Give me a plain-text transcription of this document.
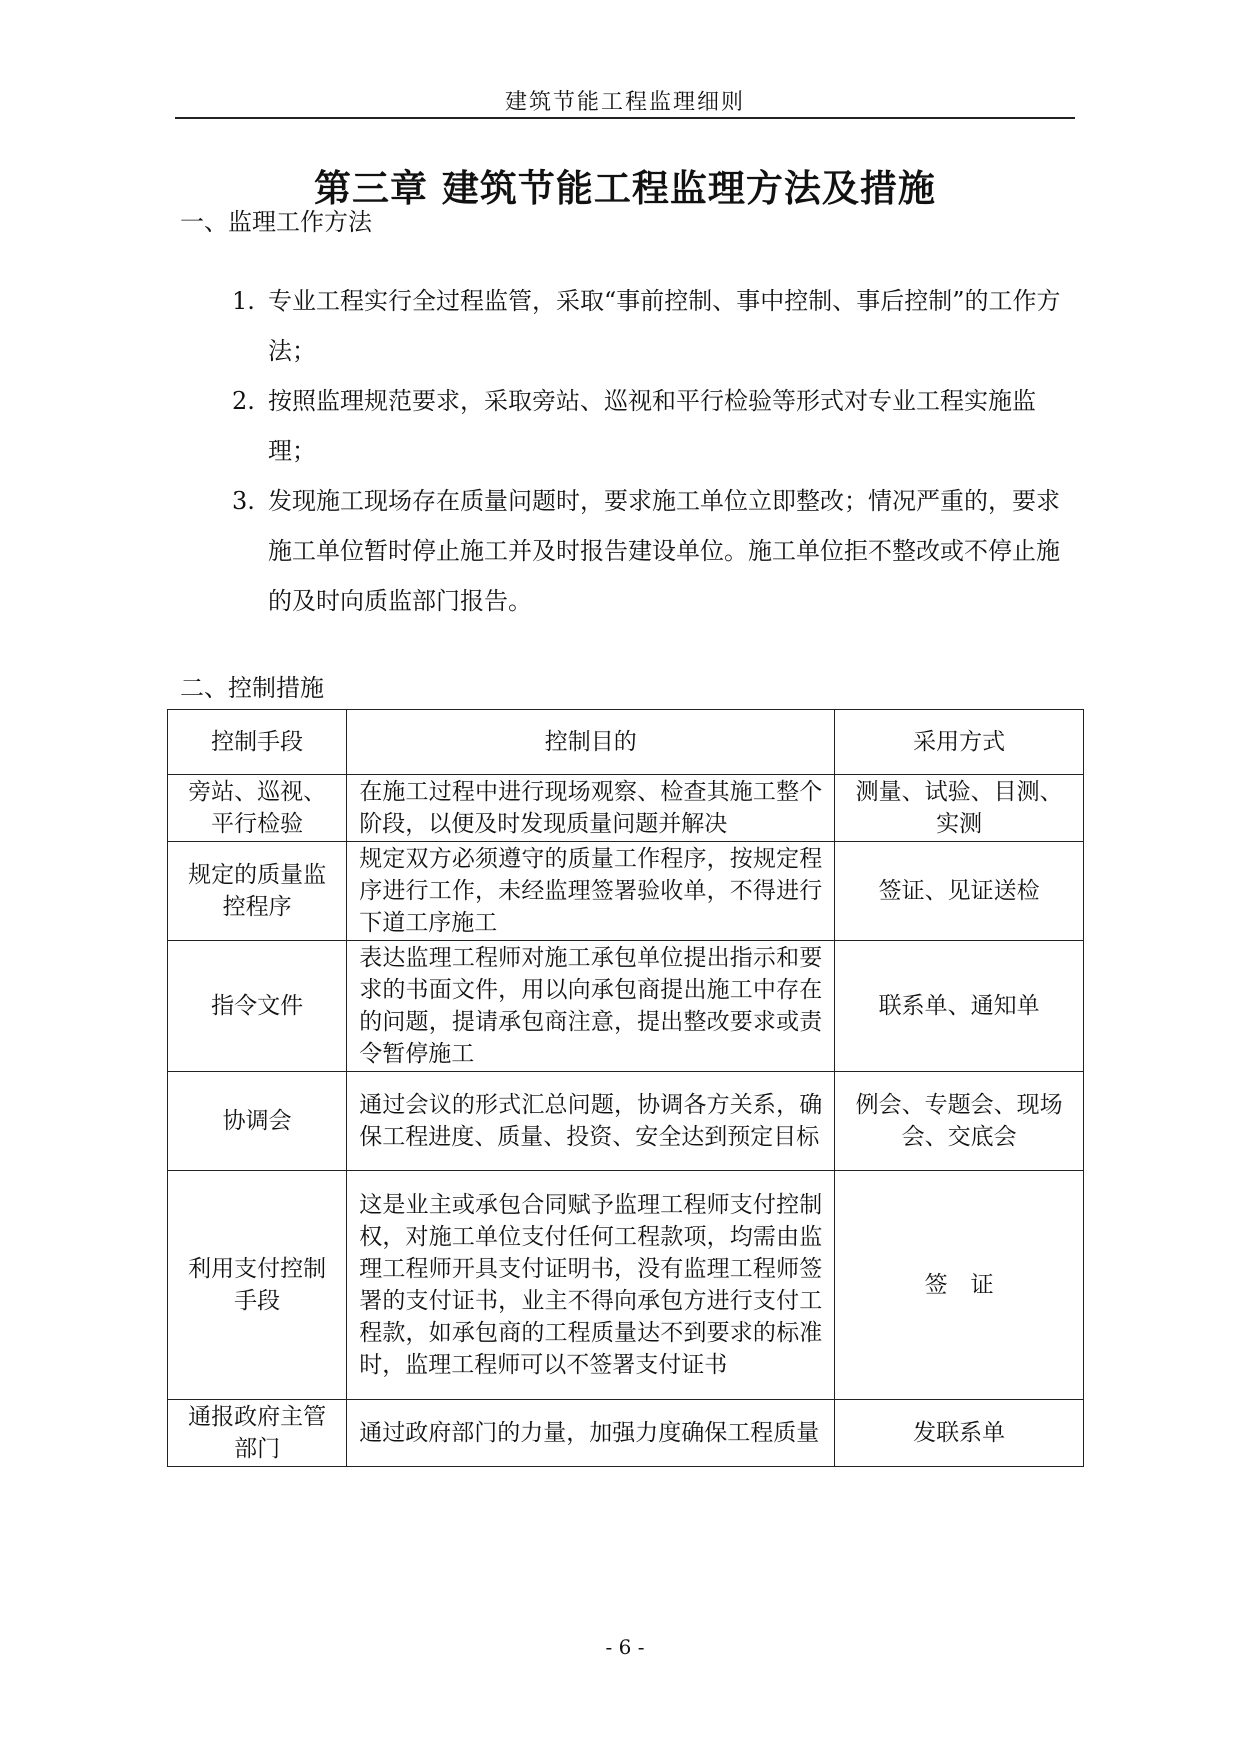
建筑节能工程监理细则
第三章 建筑节能工程监理方法及措施
一、监理工作方法
1. 专业工程实行全过程监管，采取“事前控制、事中控制、事后控制”的工作方法；
2. 按照监理规范要求，采取旁站、巡视和平行检验等形式对专业工程实施监理；
3. 发现施工现场存在质量问题时，要求施工单位立即整改；情况严重的，要求施工单位暂时停止施工并及时报告建设单位。施工单位拒不整改或不停止施的及时向质监部门报告。
二、控制措施
控制手段	控制目的	采用方式
旁站、巡视、平行检验	在施工过程中进行现场观察、检查其施工整个阶段，以便及时发现质量问题并解决	测量、试验、目测、实测
规定的质量监控程序	规定双方必须遵守的质量工作程序，按规定程序进行工作，未经监理签署验收单，不得进行下道工序施工	签证、见证送检
指令文件	表达监理工程师对施工承包单位提出指示和要求的书面文件，用以向承包商提出施工中存在的问题，提请承包商注意，提出整改要求或责令暂停施工	联系单、通知单
协调会	通过会议的形式汇总问题，协调各方关系，确保工程进度、质量、投资、安全达到预定目标	例会、专题会、现场会、交底会
利用支付控制手段	这是业主或承包合同赋予监理工程师支付控制权，对施工单位支付任何工程款项，均需由监理工程师开具支付证明书，没有监理工程师签署的支付证书，业主不得向承包方进行支付工程款，如承包商的工程质量达不到要求的标准时，监理工程师可以不签署支付证书	签　证
通报政府主管部门	通过政府部门的力量，加强力度确保工程质量	发联系单
- 6 -
